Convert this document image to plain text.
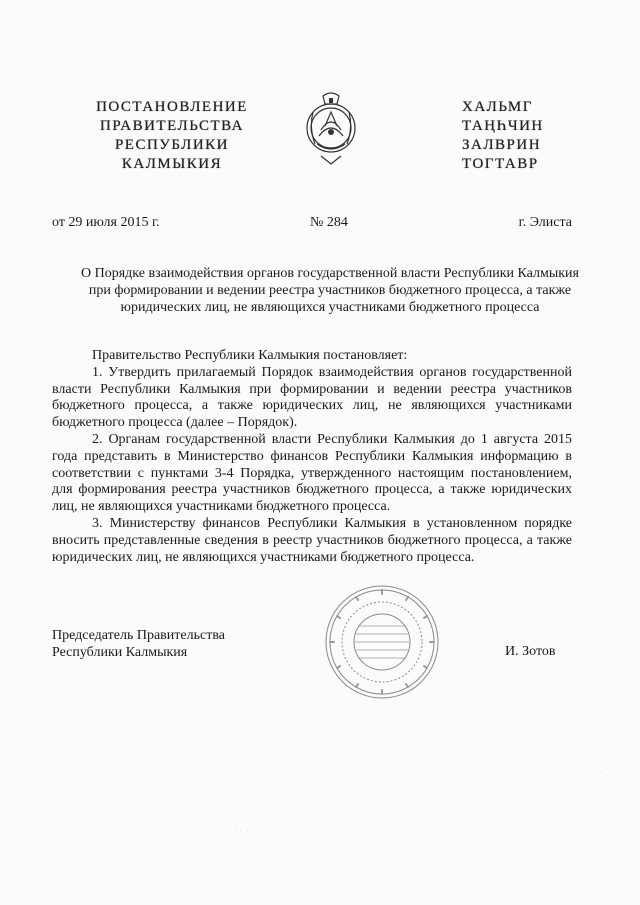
ПОСТАНОВЛЕНИЕ
ПРАВИТЕЛЬСТВА
РЕСПУБЛИКИ
КАЛМЫКИЯ
ХАЛЬМГ
ТАҢҺЧИН
ЗАЛВРИН
ТОГТАВР
от 29 июля 2015 г.	№ 284	г. Элиста
О Порядке взаимодействия органов государственной власти Республики Калмыкия при формировании и ведении реестра участников бюджетного процесса, а также юридических лиц, не являющихся участниками бюджетного процесса

Правительство Республики Калмыкия постановляет:

1. Утвердить прилагаемый Порядок взаимодействия органов государственной власти Республики Калмыкия при формировании и ведении реестра участников бюджетного процесса, а также юридических лиц, не являющихся участниками бюджетного процесса (далее – Порядок).

2. Органам государственной власти Республики Калмыкия до 1 августа 2015 года представить в Министерство финансов Республики Калмыкия информацию в соответствии с пунктами 3-4 Порядка, утвержденного настоящим постановлением, для формирования реестра участников бюджетного процесса, а также юридических лиц, не являющихся участниками бюджетного процесса.

3. Министерству финансов Республики Калмыкия в установленном порядке вносить представленные сведения в реестр участников бюджетного процесса, а также юридических лиц, не являющихся участниками бюджетного процесса.

Председатель Правительства
Республики Калмыкия	И. Зотов
· ·· ·
· · ·
·
